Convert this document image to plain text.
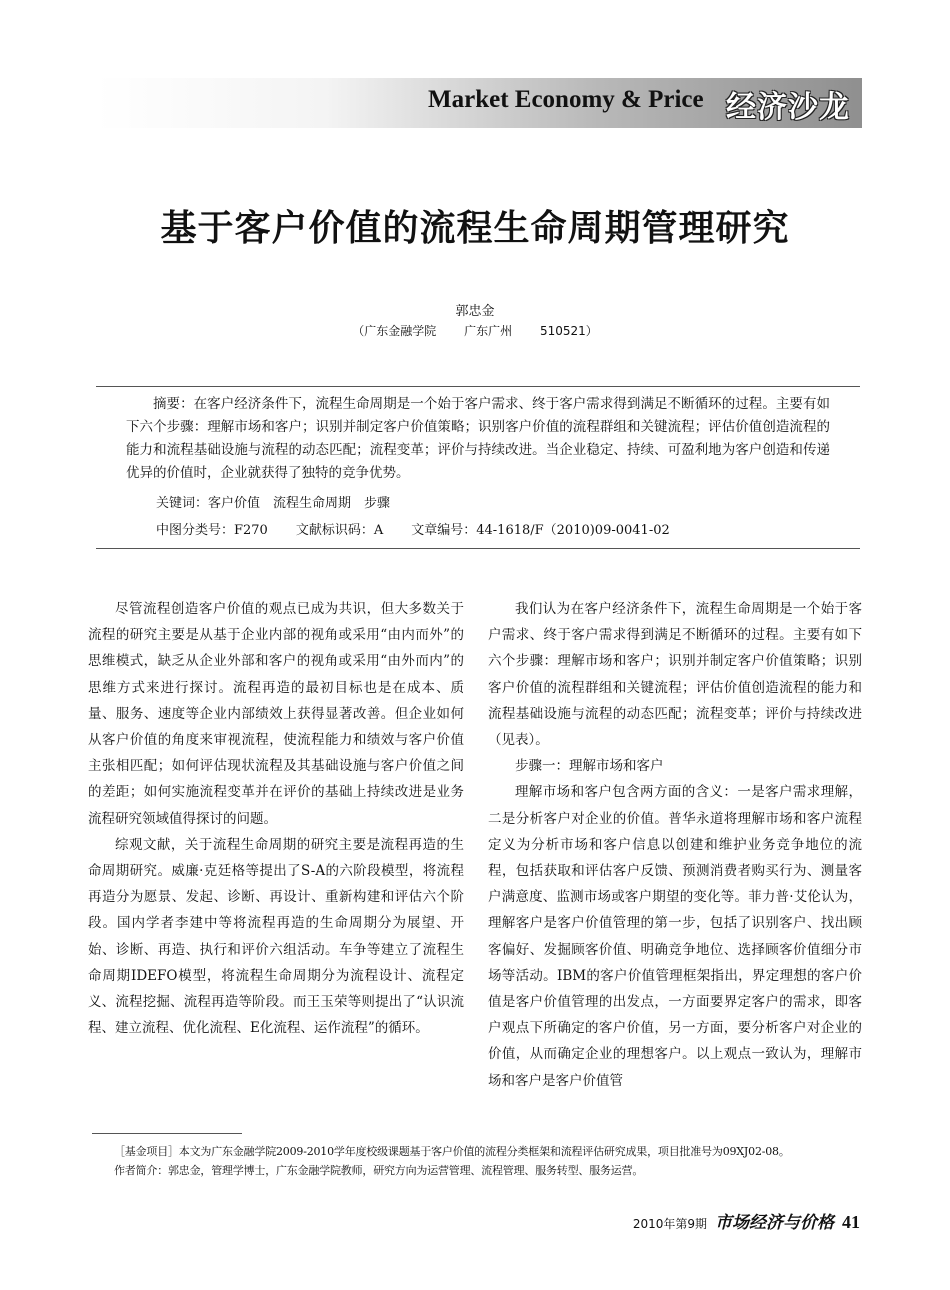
Market Economy & Price 经济沙龙
基于客户价值的流程生命周期管理研究
郭忠金
（广东金融学院 广东广州 510521）

摘要：在客户经济条件下，流程生命周期是一个始于客户需求、终于客户需求得到满足不断循环的过程。主要有如下六个步骤：理解市场和客户；识别并制定客户价值策略；识别客户价值的流程群组和关键流程；评估价值创造流程的能力和流程基础设施与流程的动态匹配；流程变革；评价与持续改进。当企业稳定、持续、可盈利地为客户创造和传递优异的价值时，企业就获得了独特的竞争优势。

关键词：客户价值　流程生命周期　步骤
中图分类号：F270 文献标识码：A 文章编号：44-1618/F（2010)09-0041-02

尽管流程创造客户价值的观点已成为共识，但大多数关于流程的研究主要是从基于企业内部的视角或采用“由内而外”的思维模式，缺乏从企业外部和客户的视角或采用“由外而内”的思维方式来进行探讨。流程再造的最初目标也是在成本、质量、服务、速度等企业内部绩效上获得显著改善。但企业如何从客户价值的角度来审视流程，使流程能力和绩效与客户价值主张相匹配；如何评估现状流程及其基础设施与客户价值之间的差距；如何实施流程变革并在评价的基础上持续改进是业务流程研究领域值得探讨的问题。

综观文献，关于流程生命周期的研究主要是流程再造的生命周期研究。威廉·克廷格等提出了S-A的六阶段模型，将流程再造分为愿景、发起、诊断、再设计、重新构建和评估六个阶段。国内学者李建中等将流程再造的生命周期分为展望、开始、诊断、再造、执行和评价六组活动。车争等建立了流程生命周期IDEFO模型，将流程生命周期分为流程设计、流程定义、流程挖掘、流程再造等阶段。而王玉荣等则提出了“认识流程、建立流程、优化流程、E化流程、运作流程”的循环。

我们认为在客户经济条件下，流程生命周期是一个始于客户需求、终于客户需求得到满足不断循环的过程。主要有如下六个步骤：理解市场和客户；识别并制定客户价值策略；识别客户价值的流程群组和关键流程；评估价值创造流程的能力和流程基础设施与流程的动态匹配；流程变革；评价与持续改进（见表）。

步骤一：理解市场和客户

理解市场和客户包含两方面的含义：一是客户需求理解，二是分析客户对企业的价值。普华永道将理解市场和客户流程定义为分析市场和客户信息以创建和维护业务竞争地位的流程，包括获取和评估客户反馈、预测消费者购买行为、测量客户满意度、监测市场或客户期望的变化等。菲力普·艾伦认为，理解客户是客户价值管理的第一步，包括了识别客户、找出顾客偏好、发掘顾客价值、明确竞争地位、选择顾客价值细分市场等活动。IBM的客户价值管理框架指出，界定理想的客户价值是客户价值管理的出发点，一方面要界定客户的需求，即客户观点下所确定的客户价值，另一方面，要分析客户对企业的价值，从而确定企业的理想客户。以上观点一致认为，理解市场和客户是客户价值管

［基金项目］本文为广东金融学院2009-2010学年度校级课题基于客户价值的流程分类框架和流程评估研究成果，项目批准号为09XJ02-08。
作者简介：郭忠金，管理学博士，广东金融学院教师，研究方向为运营管理、流程管理、服务转型、服务运营。
2010年第9期 市场经济与价格 41
